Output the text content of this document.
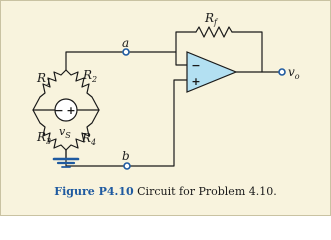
− +
−
+
a
b
$R_1$
$R_2$
$R_3$	$R_4$
$R_f$
$v_S$
$v_o$
Figure P4.10 Circuit for Problem 4.10.
